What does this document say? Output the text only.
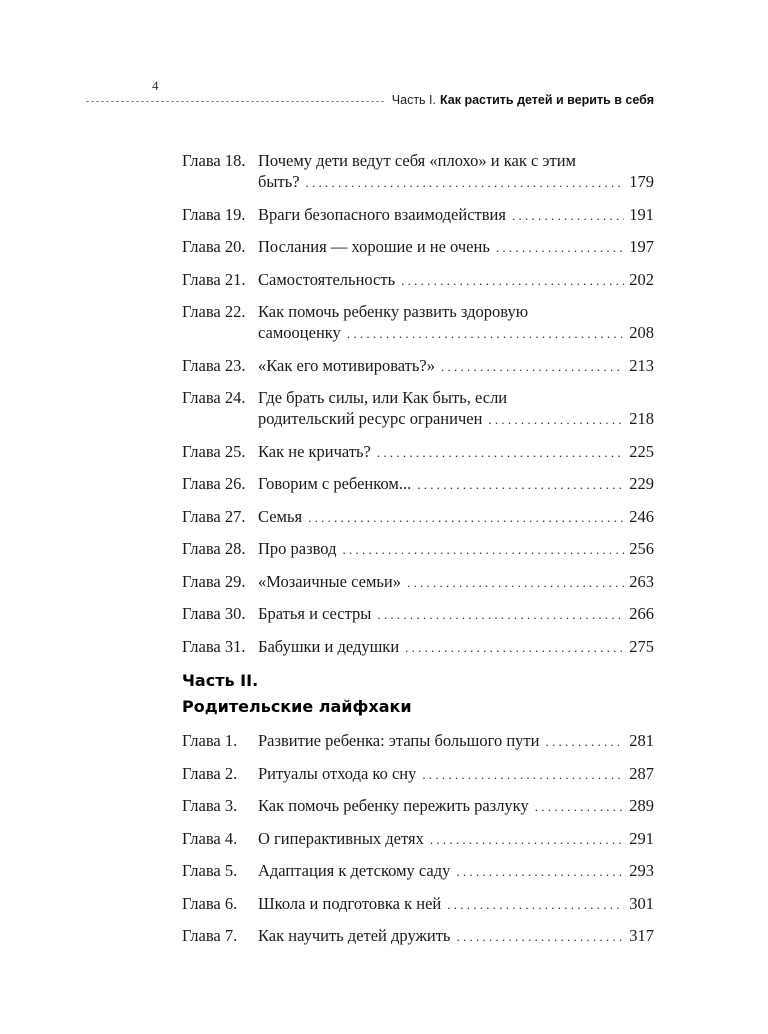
4
Часть I. Как растить детей и верить в себя
Глава 18. Почему дети ведут себя «плохо» и как с этим
быть? . . .	179
Глава 19. Враги безопасного взаимодействия . . .	191
Глава 20. Послания — хорошие и не очень . . .	197
Глава 21. Самостоятельность . . .	202
Глава 22. Как помочь ребенку развить здоровую
самооценку . . .	208
Глава 23. «Как его мотивировать?» . . .	213
Глава 24. Где брать силы, или Как быть, если
родительский ресурс ограничен . . .	218
Глава 25. Как не кричать? . . .	225
Глава 26. Говорим с ребенком... . . .	229
Глава 27. Семья . . .	246
Глава 28. Про развод . . .	256
Глава 29. «Мозаичные семьи» . . .	263
Глава 30. Братья и сестры . . .	266
Глава 31. Бабушки и дедушки . . .	275
Часть II.
Родительские лайфхаки
Глава 1.	Развитие ребенка: этапы большого пути . . .	281
Глава 2.	Ритуалы отхода ко сну . . .	287
Глава 3.	Как помочь ребенку пережить разлуку . . .	289
Глава 4.	О гиперактивных детях . . .	291
Глава 5.	Адаптация к детскому саду . . .	293
Глава 6.	Школа и подготовка к ней . . .	301
Глава 7.	Как научить детей дружить . . .	317
